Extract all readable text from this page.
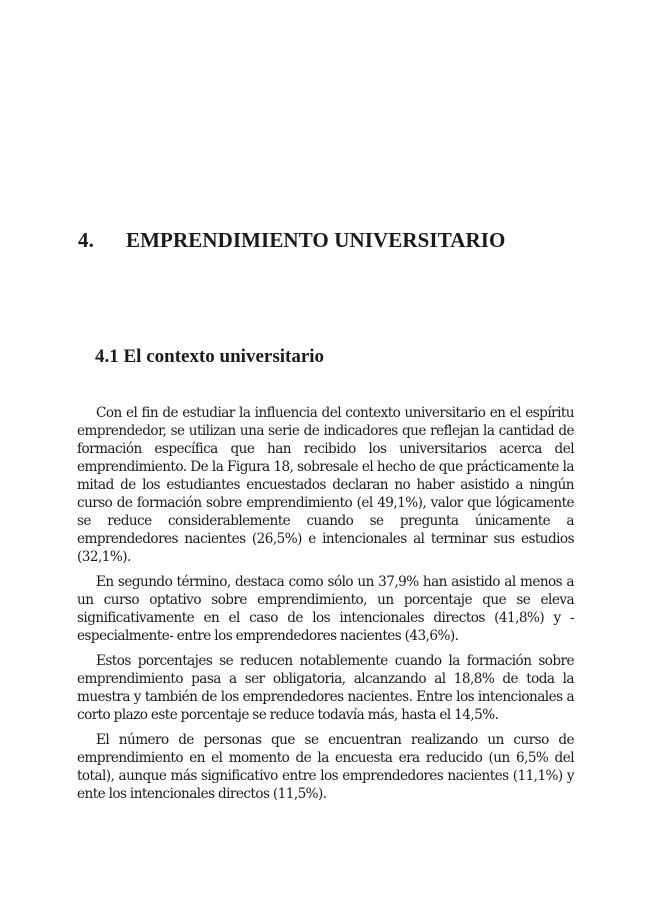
4. EMPRENDIMIENTO UNIVERSITARIO
4.1 El contexto universitario

Con el fin de estudiar la influencia del contexto universitario en el espíritu emprendedor, se utilizan una serie de indicadores que reflejan la cantidad de formación específica que han recibido los universitarios acerca del emprendimiento. De la Figura 18, sobresale el hecho de que prácticamente la mitad de los estudiantes encuestados declaran no haber asistido a ningún curso de formación sobre emprendimiento (el 49,1%), valor que lógicamente se reduce considerablemente cuando se pregunta únicamente a emprendedores nacientes (26,5%) e intencionales al terminar sus estudios (32,1%).

En segundo término, destaca como sólo un 37,9% han asistido al menos a un curso optativo sobre emprendimiento, un porcentaje que se eleva significativamente en el caso de los intencionales directos (41,8%) y -especialmente- entre los emprendedores nacientes (43,6%).

Estos porcentajes se reducen notablemente cuando la formación sobre emprendimiento pasa a ser obligatoria, alcanzando al 18,8% de toda la muestra y también de los emprendedores nacientes. Entre los intencionales a corto plazo este porcentaje se reduce todavía más, hasta el 14,5%.

El número de personas que se encuentran realizando un curso de emprendimiento en el momento de la encuesta era reducido (un 6,5% del total), aunque más significativo entre los emprendedores nacientes (11,1%) y ente los intencionales directos (11,5%).
